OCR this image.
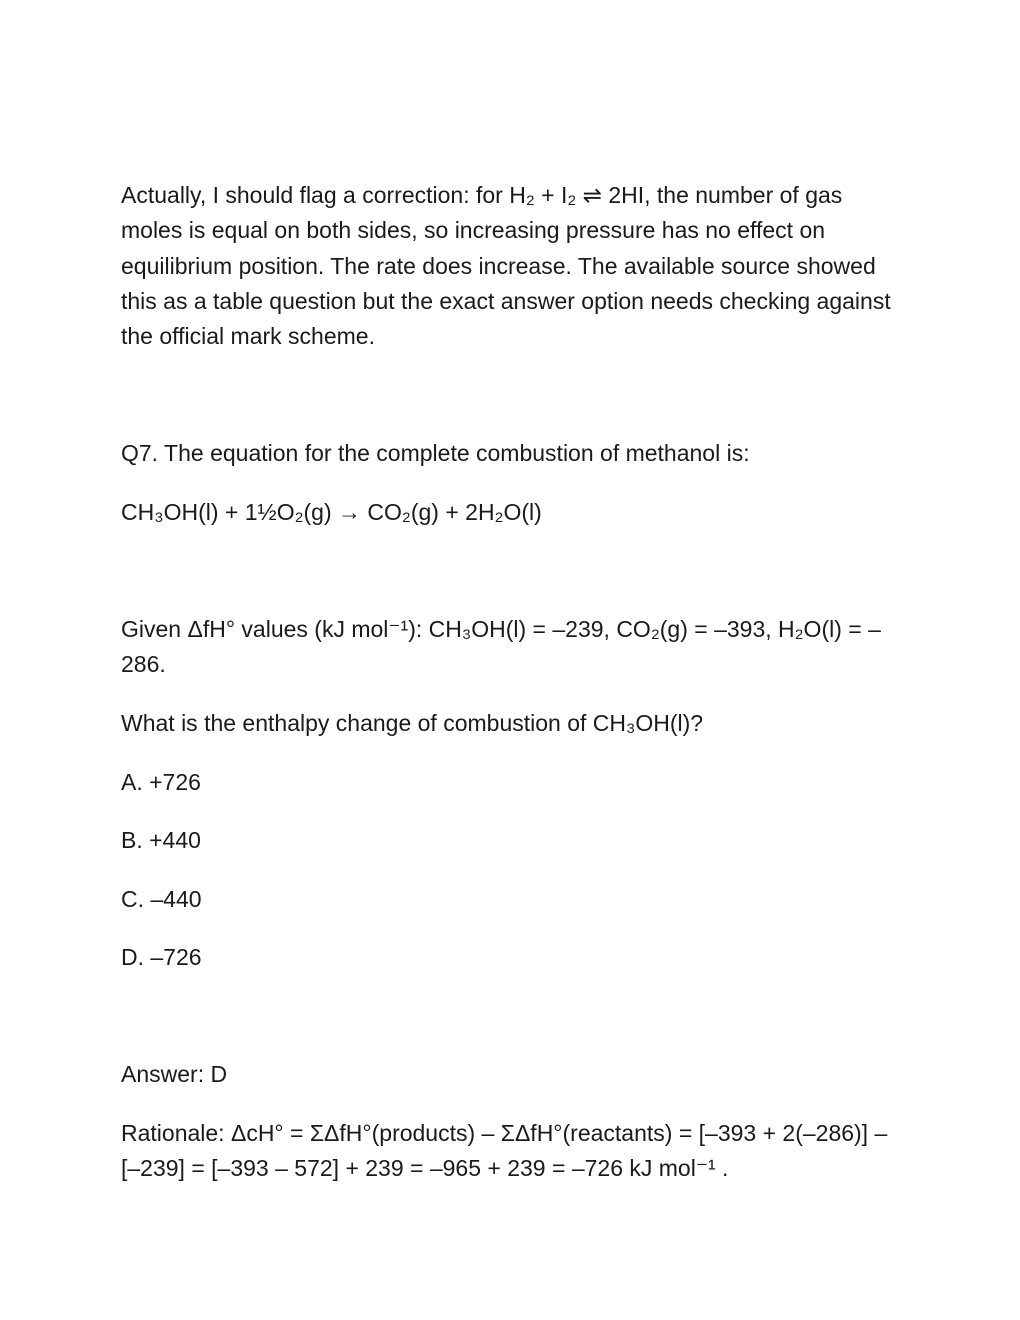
Actually, I should flag a correction: for H₂ + I₂ ⇌ 2HI, the number of gas moles is equal on both sides, so increasing pressure has no effect on equilibrium position. The rate does increase. The available source showed this as a table question but the exact answer option needs checking against the official mark scheme.

Q7. The equation for the complete combustion of methanol is:

CH₃OH(l) + 1½O₂(g) → CO₂(g) + 2H₂O(l)

Given ΔfH° values (kJ mol⁻¹): CH₃OH(l) = –239, CO₂(g) = –393, H₂O(l) = –286.

What is the enthalpy change of combustion of CH₃OH(l)?

A. +726

B. +440

C. –440

D. –726

Answer: D

Rationale: ΔcH° = ΣΔfH°(products) – ΣΔfH°(reactants) = [–393 + 2(–286)] – [–239] = [–393 – 572] + 239 = –965 + 239 = –726 kJ mol⁻¹ .
